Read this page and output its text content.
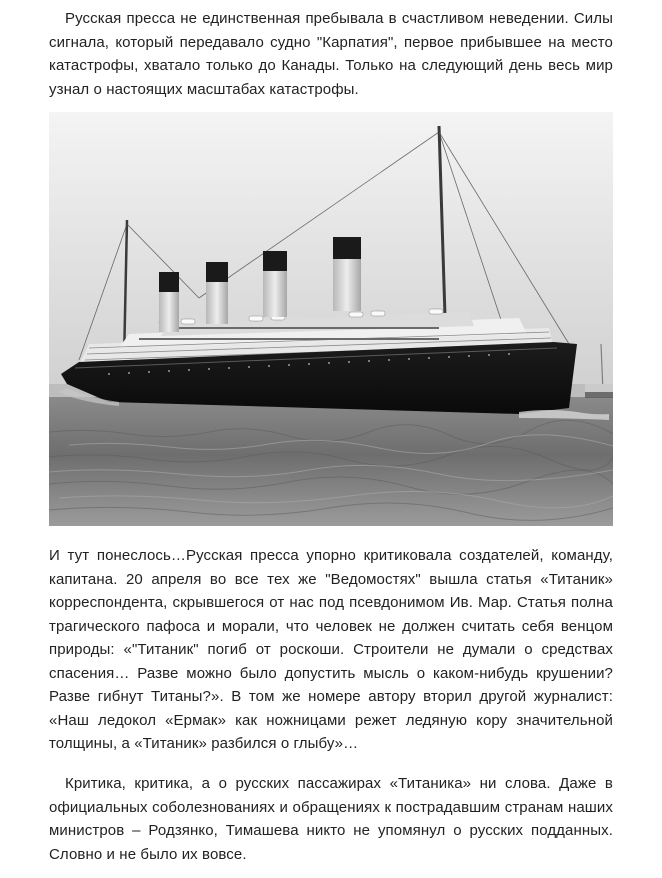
Русская пресса не единственная пребывала в счастливом неведении. Силы сигнала, который передавало судно "Карпатия", первое прибывшее на место катастрофы, хватало только до Канады. Только на следующий день весь мир узнал о настоящих масштабах катастрофы.

И тут понеслось…Русская пресса упорно критиковала создателей, команду, капитана. 20 апреля во все тех же "Ведомостях" вышла статья «Титаник» корреспондента, скрывшегося от нас под псевдонимом Ив. Мар. Статья полна трагического пафоса и морали, что человек не должен считать себя венцом природы: «"Титаник" погиб от роскоши. Строители не думали о средствах спасения… Разве можно было допустить мысль о каком-нибудь крушении? Разве гибнут Титаны?». В том же номере автору вторил другой журналист: «Наш ледокол «Ермак» как ножницами режет ледяную кору значительной толщины, а «Титаник» разбился о глыбу»…

Критика, критика, а о русских пассажирах «Титаника» ни слова. Даже в официальных соболезнованиях и обращениях к пострадавшим странам наших министров – Родзянко, Тимашева никто не упомянул о русских подданных. Словно и не было их вовсе.
